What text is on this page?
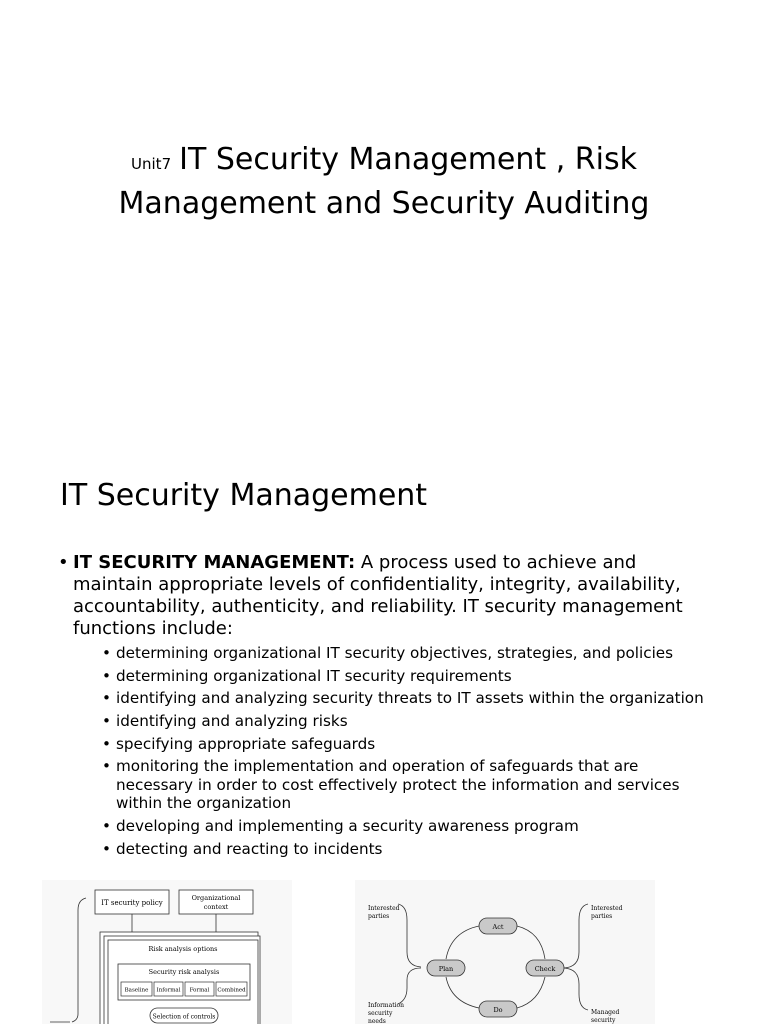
Unit7 IT Security Management , Risk
Management and Security Auditing
IT Security Management
• IT SECURITY MANAGEMENT: A process used to achieve and maintain appropriate levels of confidentiality, integrity, availability, accountability, authenticity, and reliability. IT security management functions include:
• determining organizational IT security objectives, strategies, and policies
• determining organizational IT security requirements
• identifying and analyzing security threats to IT assets within the organization
• identifying and analyzing risks
• specifying appropriate safeguards
• monitoring the implementation and operation of safeguards that are necessary in order to cost effectively protect the information and services within the organization
• developing and implementing a security awareness program
• detecting and reacting to incidents
IT security policy
Organizational
context
Risk analysis options
Security risk analysis
Baseline Informal Formal Combined
Selection of controls
Interested
parties
Information
security
needs
Act
Plan	Check
Do
Interested
parties
Managed
security
